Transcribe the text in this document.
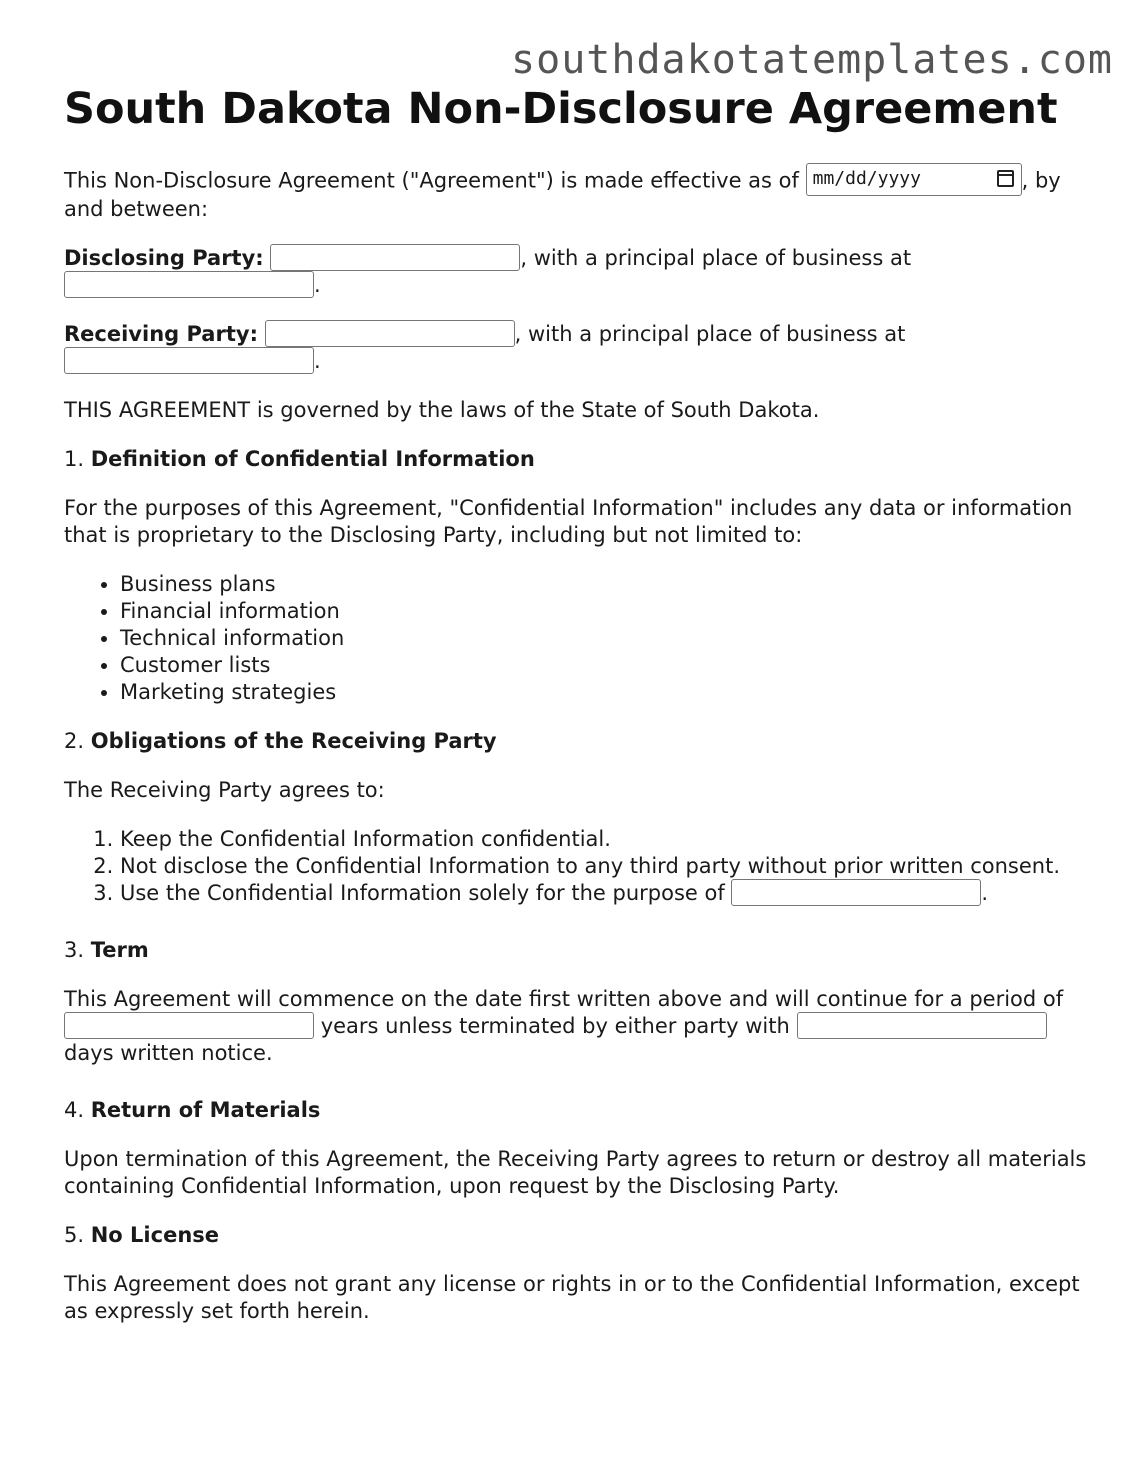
southdakotatemplates.com
South Dakota Non-Disclosure Agreement

This Non-Disclosure Agreement ("Agreement") is made effective as of mm/dd/yyyy	, by and between:

Disclosing Party:	, with a principal place of business at .

Receiving Party:	, with a principal place of business at .

THIS AGREEMENT is governed by the laws of the State of South Dakota.

1. Definition of Confidential Information

For the purposes of this Agreement, "Confidential Information" includes any data or information that is proprietary to the Disclosing Party, including but not limited to:

• Business plans
• Financial information
• Technical information
• Customer lists
• Marketing strategies

2. Obligations of the Receiving Party

The Receiving Party agrees to:

1. Keep the Confidential Information confidential.
2. Not disclose the Confidential Information to any third party without prior written consent.
3. Use the Confidential Information solely for the purpose of	.

3. Term

This Agreement will commence on the date first written above and will continue for a period of  years unless terminated by either party with  days written notice.

4. Return of Materials

Upon termination of this Agreement, the Receiving Party agrees to return or destroy all materials containing Confidential Information, upon request by the Disclosing Party.

5. No License

This Agreement does not grant any license or rights in or to the Confidential Information, except as expressly set forth herein.
